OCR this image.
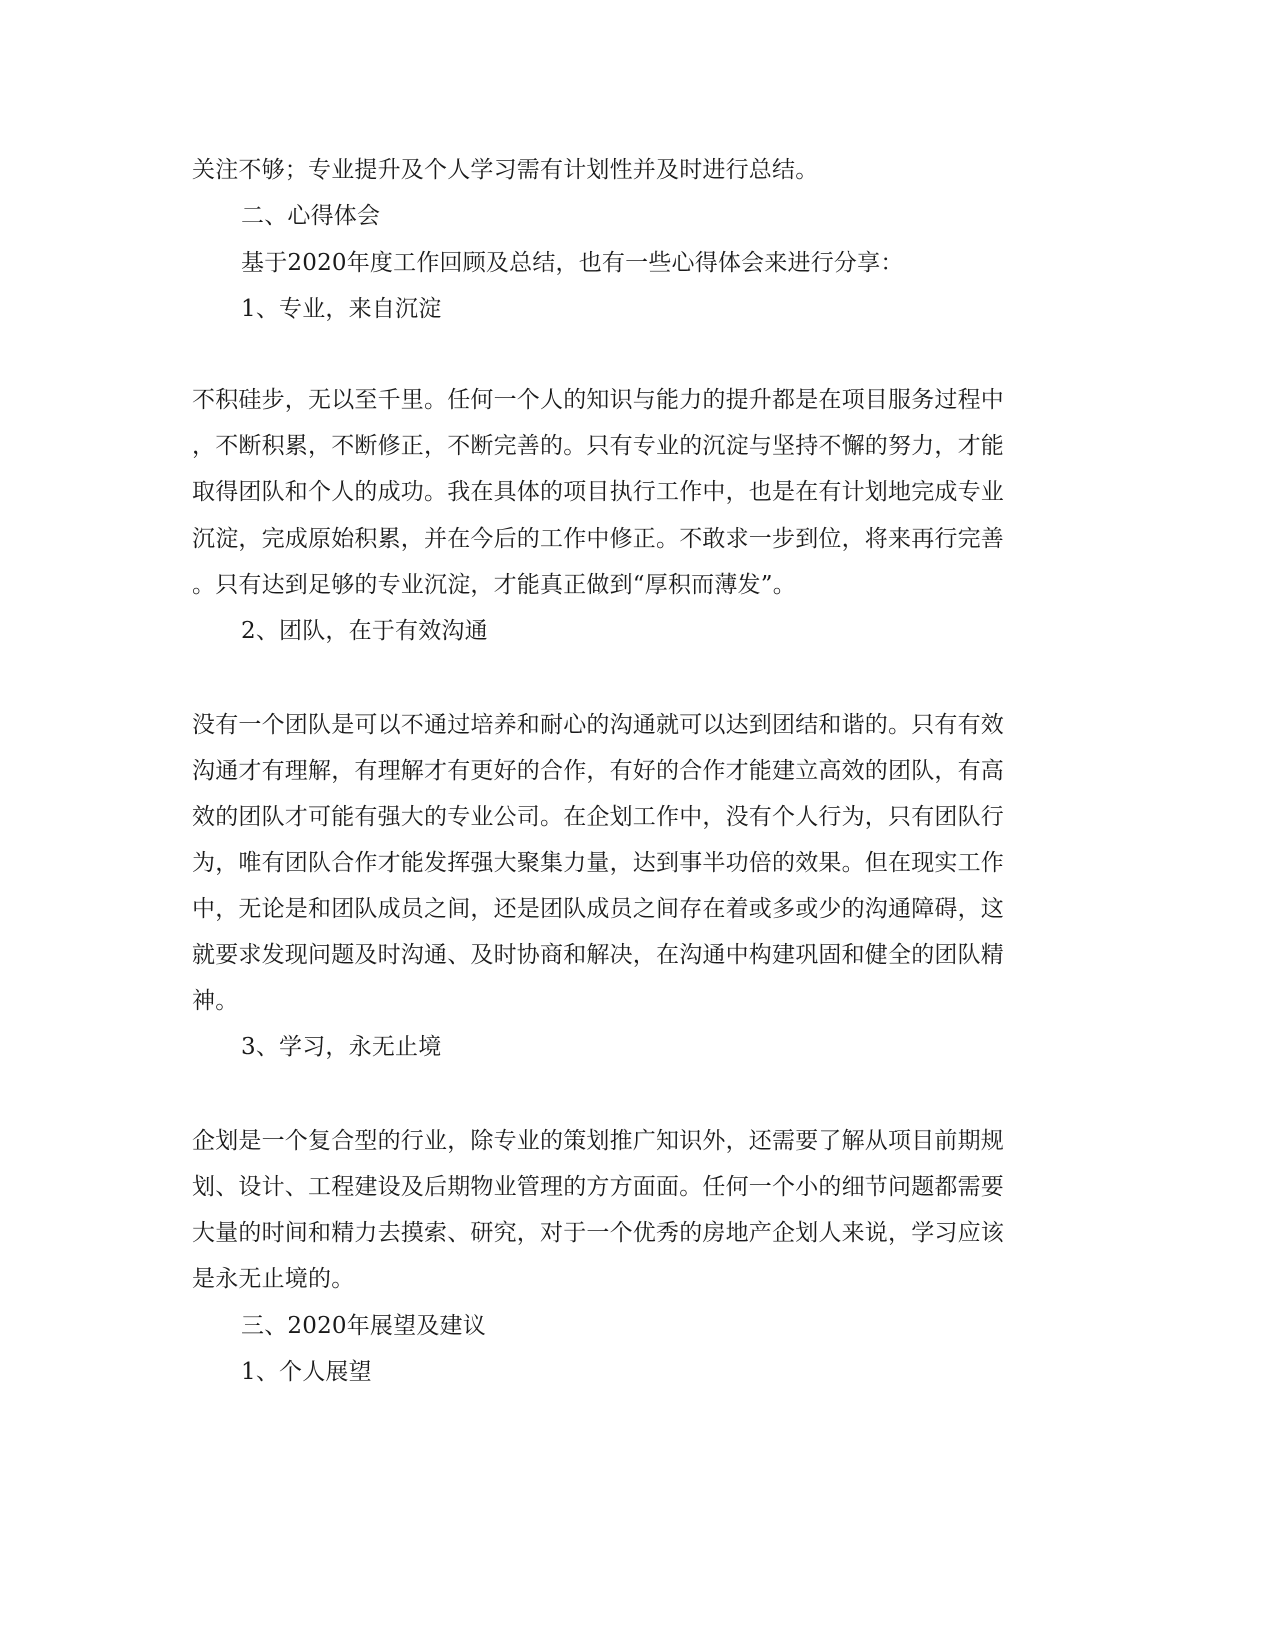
关注不够；专业提升及个人学习需有计划性并及时进行总结。
二、心得体会
基于2020年度工作回顾及总结，也有一些心得体会来进行分享：
1、专业，来自沉淀
不积硅步，无以至千里。任何一个人的知识与能力的提升都是在项目服务过程中
，不断积累，不断修正，不断完善的。只有专业的沉淀与坚持不懈的努力，才能
取得团队和个人的成功。我在具体的项目执行工作中，也是在有计划地完成专业
沉淀，完成原始积累，并在今后的工作中修正。不敢求一步到位，将来再行完善
。只有达到足够的专业沉淀，才能真正做到“厚积而薄发”。
2、团队，在于有效沟通
没有一个团队是可以不通过培养和耐心的沟通就可以达到团结和谐的。只有有效
沟通才有理解，有理解才有更好的合作，有好的合作才能建立高效的团队，有高
效的团队才可能有强大的专业公司。在企划工作中，没有个人行为，只有团队行
为，唯有团队合作才能发挥强大聚集力量，达到事半功倍的效果。但在现实工作
中，无论是和团队成员之间，还是团队成员之间存在着或多或少的沟通障碍，这
就要求发现问题及时沟通、及时协商和解决，在沟通中构建巩固和健全的团队精
神。
3、学习，永无止境
企划是一个复合型的行业，除专业的策划推广知识外，还需要了解从项目前期规
划、设计、工程建设及后期物业管理的方方面面。任何一个小的细节问题都需要
大量的时间和精力去摸索、研究，对于一个优秀的房地产企划人来说，学习应该
是永无止境的。
三、2020年展望及建议
1、个人展望
